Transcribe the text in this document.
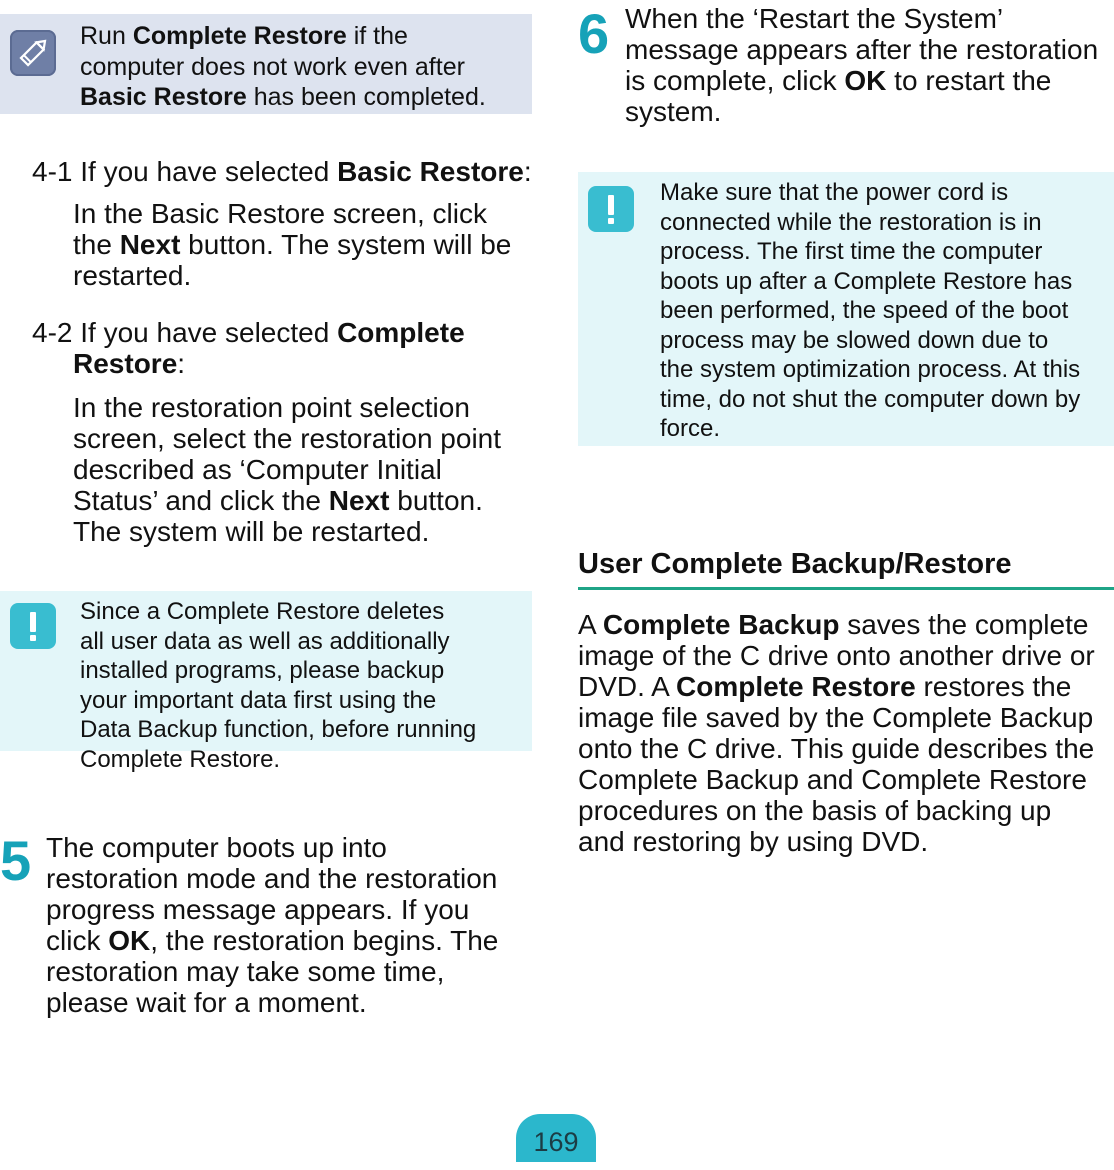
Run Complete Restore if the
computer does not work even after
Basic Restore has been completed.
4-1 If you have selected Basic Restore:
In the Basic Restore screen, click
the Next button. The system will be
restarted.
4-2 If you have selected Complete
Restore:
In the restoration point selection
screen, select the restoration point
described as ‘Computer Initial
Status’ and click the Next button.
The system will be restarted.
Since a Complete Restore deletes
all user data as well as additionally
installed programs, please backup
your important data first using the
Data Backup function, before running
Complete Restore.
5 The computer boots up into
restoration mode and the restoration
progress message appears. If you
click OK, the restoration begins. The
restoration may take some time,
please wait for a moment.
6 When the ‘Restart the System’
message appears after the restoration
is complete, click OK to restart the
system.
Make sure that the power cord is
connected while the restoration is in
process. The first time the computer
boots up after a Complete Restore has
been performed, the speed of the boot
process may be slowed down due to
the system optimization process. At this
time, do not shut the computer down by
force.
User Complete Backup/Restore
A Complete Backup saves the complete
image of the C drive onto another drive or
DVD. A Complete Restore restores the
image file saved by the Complete Backup
onto the C drive. This guide describes the
Complete Backup and Complete Restore
procedures on the basis of backing up
and restoring by using DVD.
169
